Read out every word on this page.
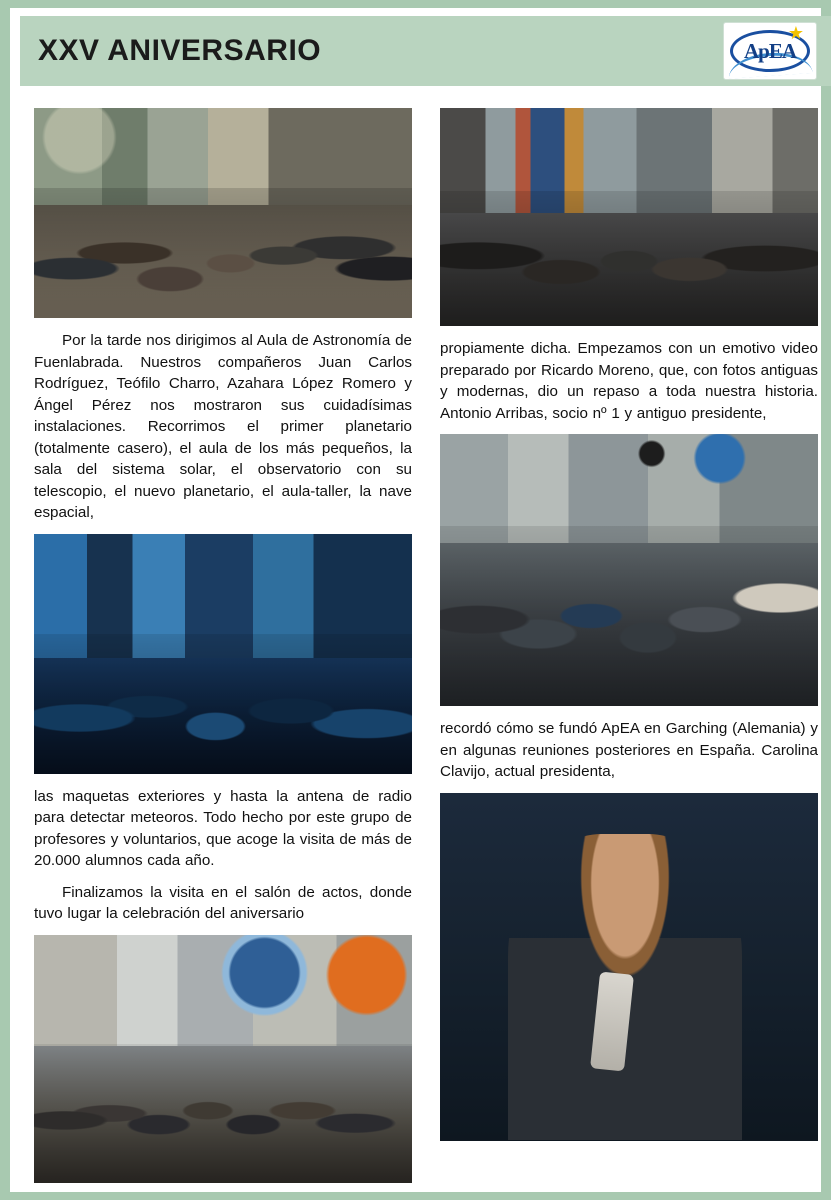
XXV ANIVERSARIO
★
ApEA

Por la tarde nos dirigimos al Aula de Astronomía de Fuenlabrada. Nuestros compañeros Juan Carlos Rodríguez, Teófilo Charro, Azahara López Romero y Ángel Pérez nos mostraron sus cuidadísimas instalaciones. Recorrimos el primer planetario (totalmente casero), el aula de los más pequeños, la sala del sistema solar, el observatorio con su telescopio, el nuevo planetario, el aula-taller, la nave espacial,

las maquetas exteriores y hasta la antena de radio para detectar meteoros. Todo hecho por este grupo de profesores y voluntarios, que acoge la visita de más de 20.000 alumnos cada año.

Finalizamos la visita en el salón de actos, donde tuvo lugar la celebración del aniversario

propiamente dicha. Empezamos con un emotivo video preparado por Ricardo Moreno, que, con fotos antiguas y modernas, dio un repaso a toda nuestra historia. Antonio Arribas, socio nº 1 y antiguo presidente,

recordó cómo se fundó ApEA en Garching (Alemania) y en algunas reuniones posteriores en España. Carolina Clavijo, actual presidenta,
